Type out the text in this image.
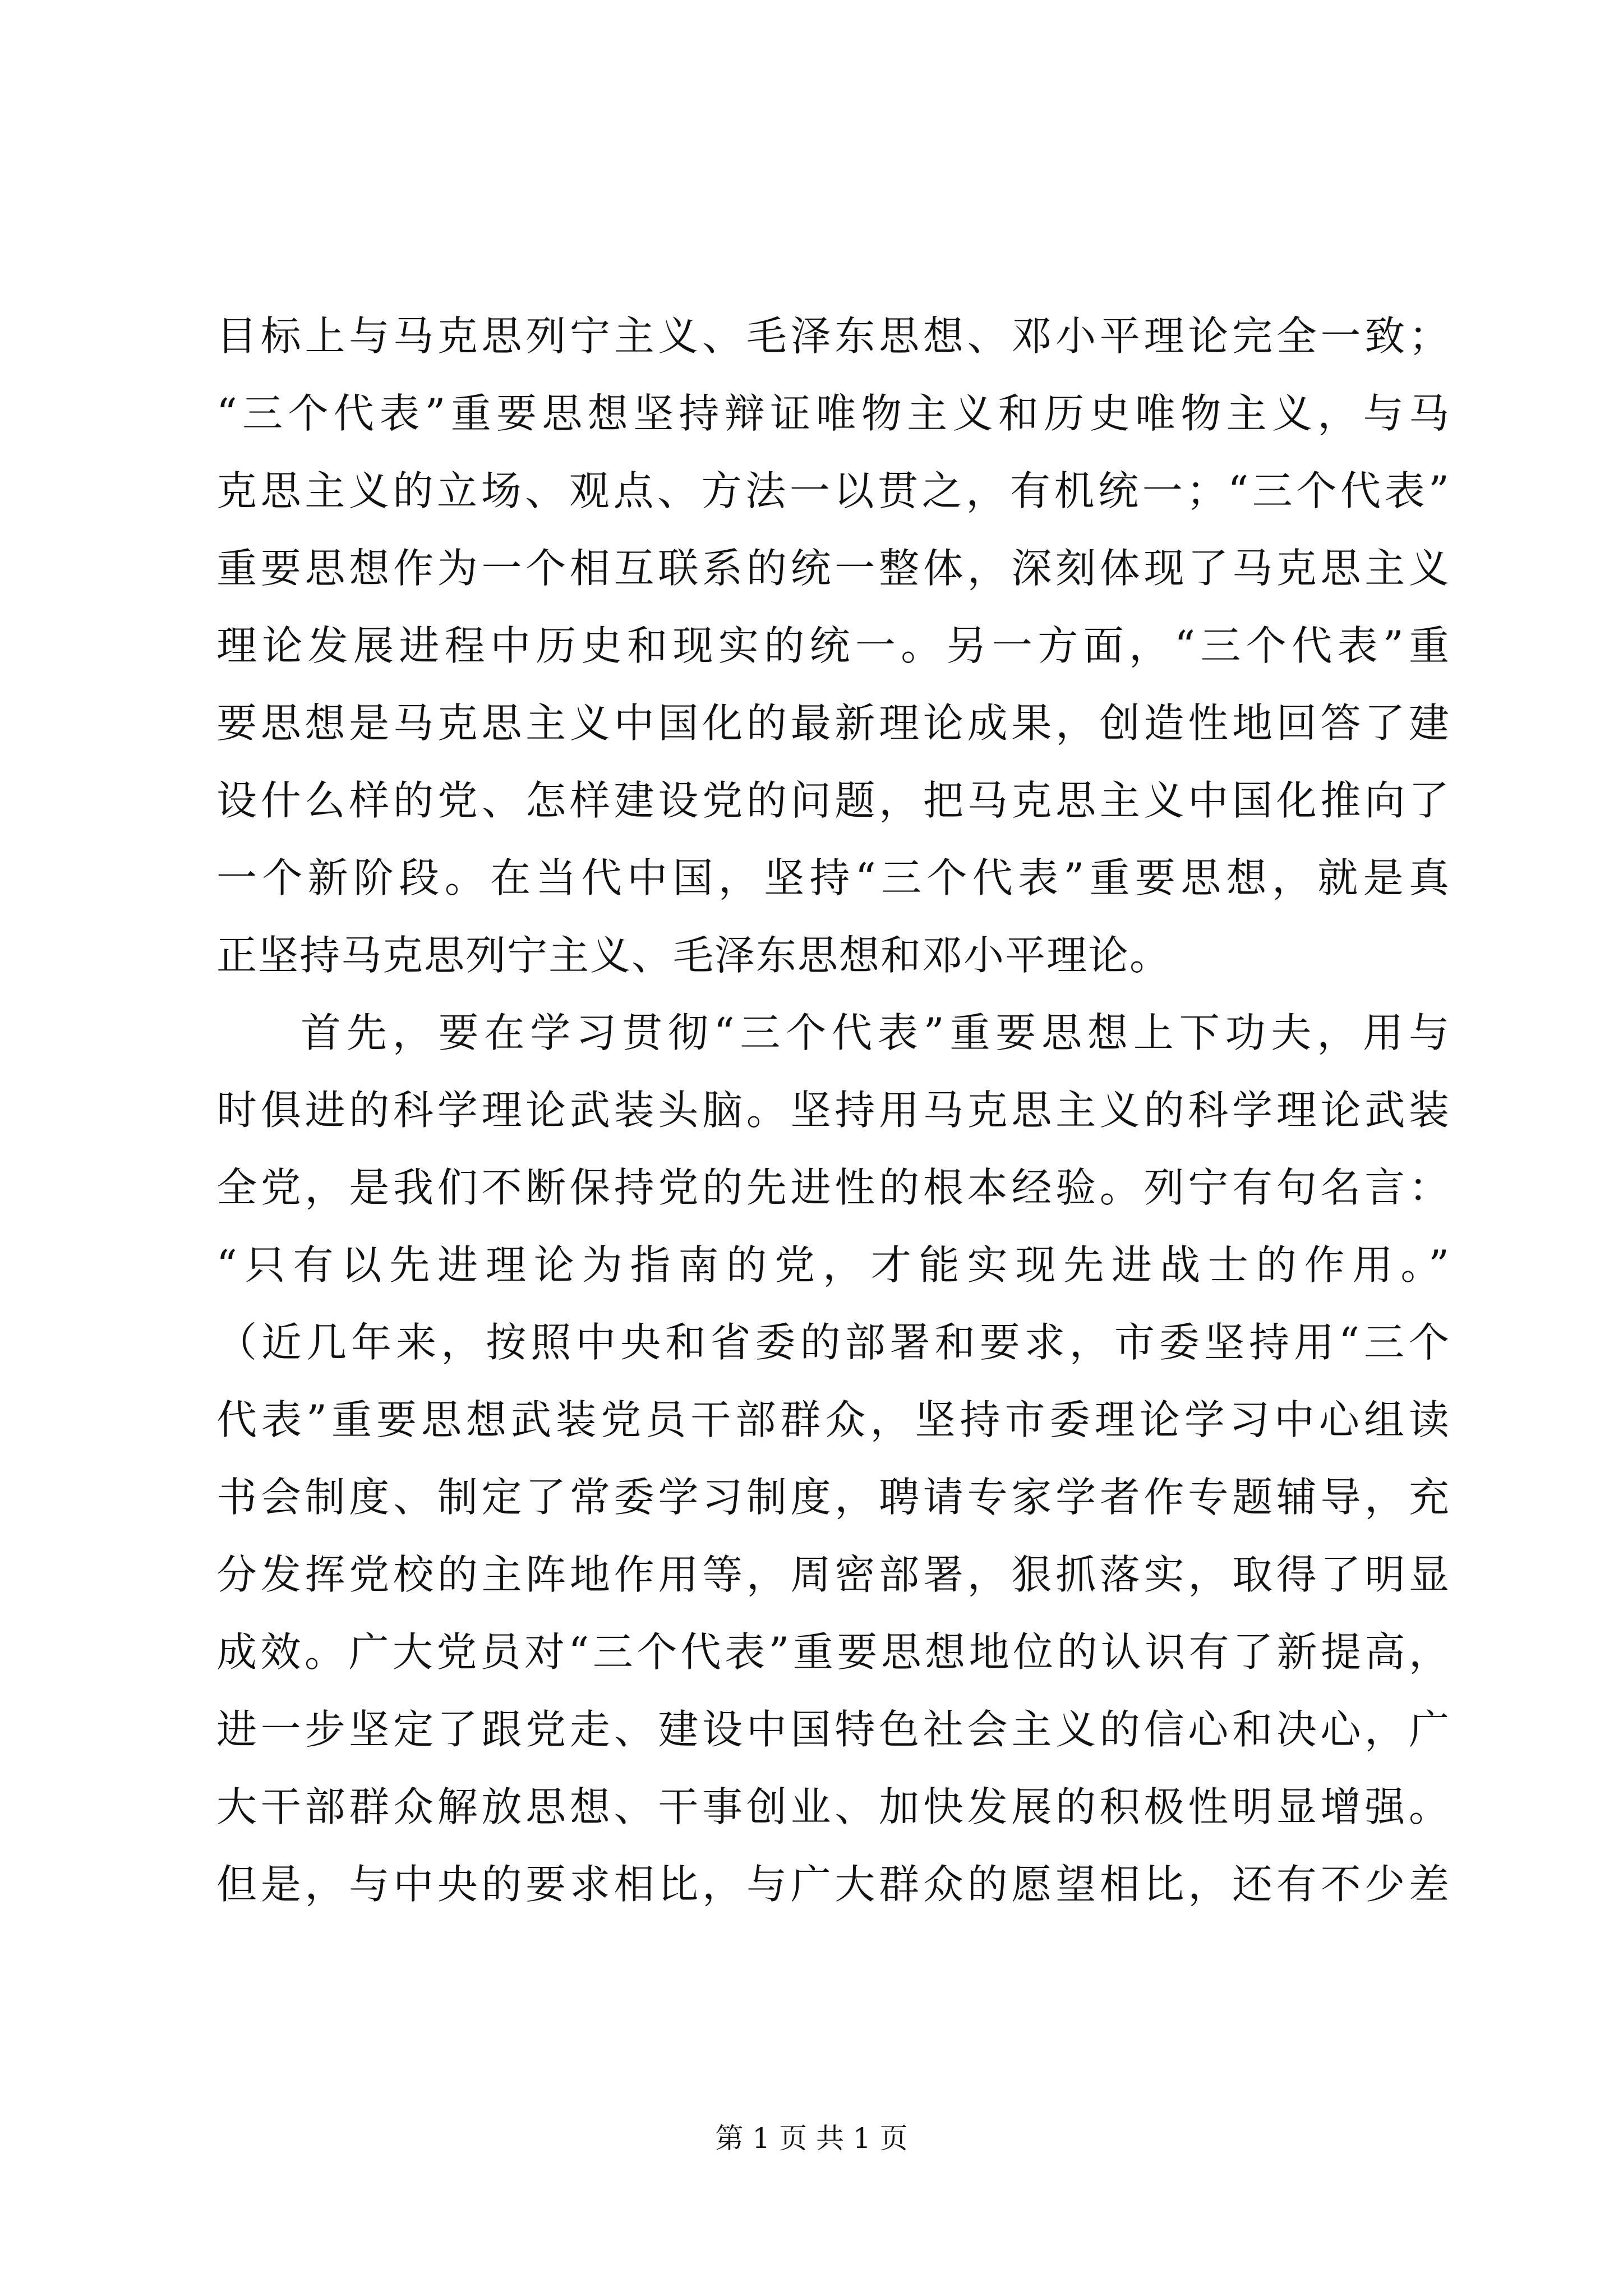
目标上与马克思列宁主义、毛泽东思想、邓小平理论完全一致；
“三个代表”重要思想坚持辩证唯物主义和历史唯物主义，与马
克思主义的立场、观点、方法一以贯之，有机统一；“三个代表”
重要思想作为一个相互联系的统一整体，深刻体现了马克思主义
理论发展进程中历史和现实的统一。另一方面，“三个代表”重
要思想是马克思主义中国化的最新理论成果，创造性地回答了建
设什么样的党、怎样建设党的问题，把马克思主义中国化推向了
一个新阶段。在当代中国，坚持“三个代表”重要思想，就是真
正坚持马克思列宁主义、毛泽东思想和邓小平理论。
首先，要在学习贯彻“三个代表”重要思想上下功夫，用与
时俱进的科学理论武装头脑。坚持用马克思主义的科学理论武装
全党，是我们不断保持党的先进性的根本经验。列宁有句名言：
“只有以先进理论为指南的党，才能实现先进战士的作用。”
（近几年来，按照中央和省委的部署和要求，市委坚持用“三个
代表”重要思想武装党员干部群众，坚持市委理论学习中心组读
书会制度、制定了常委学习制度，聘请专家学者作专题辅导，充
分发挥党校的主阵地作用等，周密部署，狠抓落实，取得了明显
成效。广大党员对“三个代表”重要思想地位的认识有了新提高，
进一步坚定了跟党走、建设中国特色社会主义的信心和决心，广
大干部群众解放思想、干事创业、加快发展的积极性明显增强。
但是，与中央的要求相比，与广大群众的愿望相比，还有不少差
第 1 页 共 1 页
